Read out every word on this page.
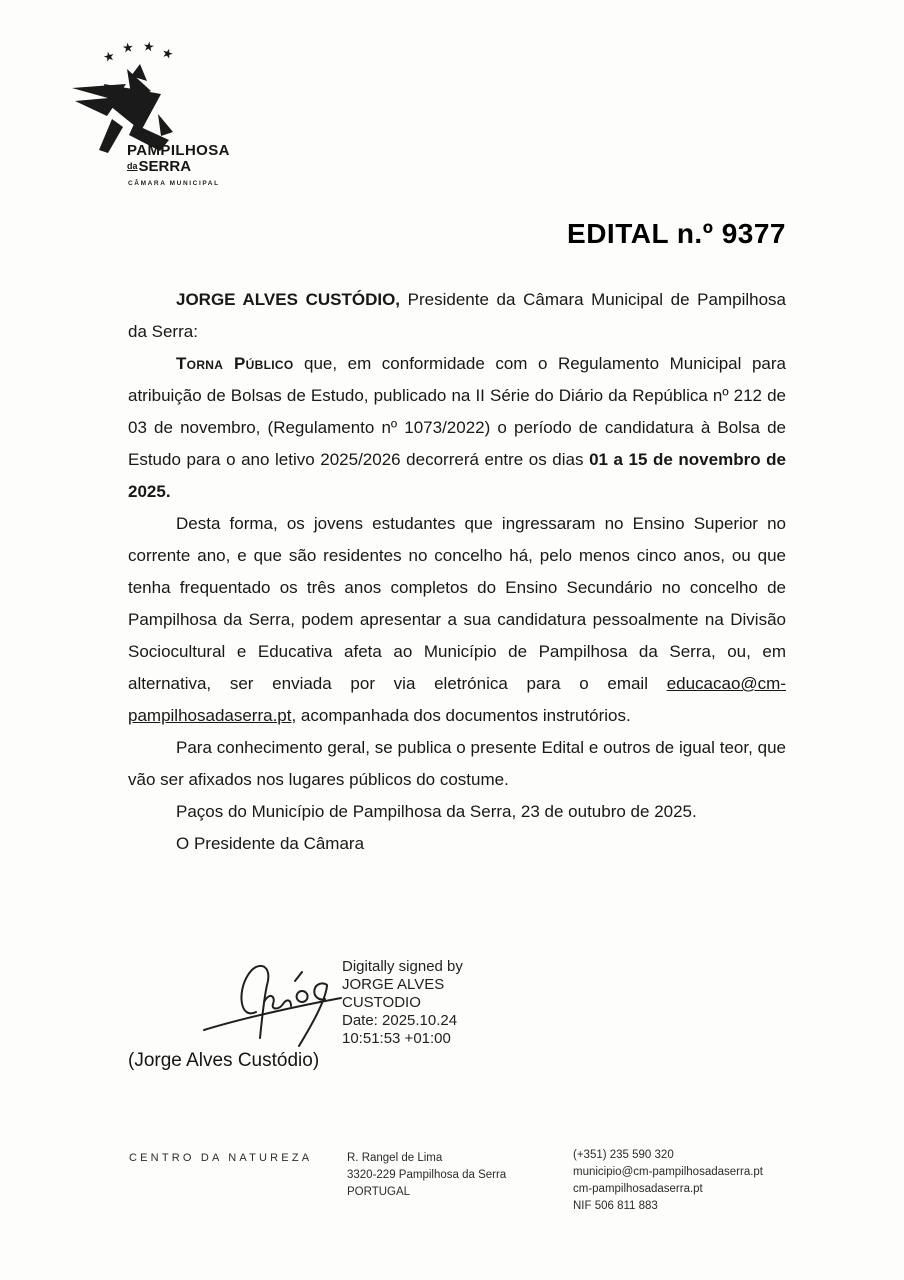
★
★ ★ ★
PAMPILHOSA
daSERRA
CÂMARA MUNICIPAL
EDITAL n.º 9377

JORGE ALVES CUSTÓDIO, Presidente da Câmara Municipal de Pampilhosa da Serra:

Torna Público que, em conformidade com o Regulamento Municipal para atribuição de Bolsas de Estudo, publicado na II Série do Diário da República nº 212 de 03 de novembro, (Regulamento nº 1073/2022) o período de candidatura à Bolsa de Estudo para o ano letivo 2025/2026 decorrerá entre os dias 01 a 15 de novembro de 2025.

Desta forma, os jovens estudantes que ingressaram no Ensino Superior no corrente ano, e que são residentes no concelho há, pelo menos cinco anos, ou que tenha frequentado os três anos completos do Ensino Secundário no concelho de Pampilhosa da Serra, podem apresentar a sua candidatura pessoalmente na Divisão Sociocultural e Educativa afeta ao Município de Pampilhosa da Serra, ou, em alternativa, ser enviada por via eletrónica para o email educacao@cm-pampilhosadaserra.pt, acompanhada dos documentos instrutórios.

Para conhecimento geral, se publica o presente Edital e outros de igual teor, que vão ser afixados nos lugares públicos do costume.

Paços do Município de Pampilhosa da Serra, 23 de outubro de 2025.

O Presidente da Câmara

Digitally signed by
JORGE ALVES
CUSTODIO
Date: 2025.10.24
10:51:53 +01:00
(Jorge Alves Custódio)
CENTRO DA NATUREZA	R. Rangel de Lima
3320-229 Pampilhosa da Serra
PORTUGAL
(+351) 235 590 320
municipio@cm-pampilhosadaserra.pt
cm-pampilhosadaserra.pt
NIF 506 811 883
